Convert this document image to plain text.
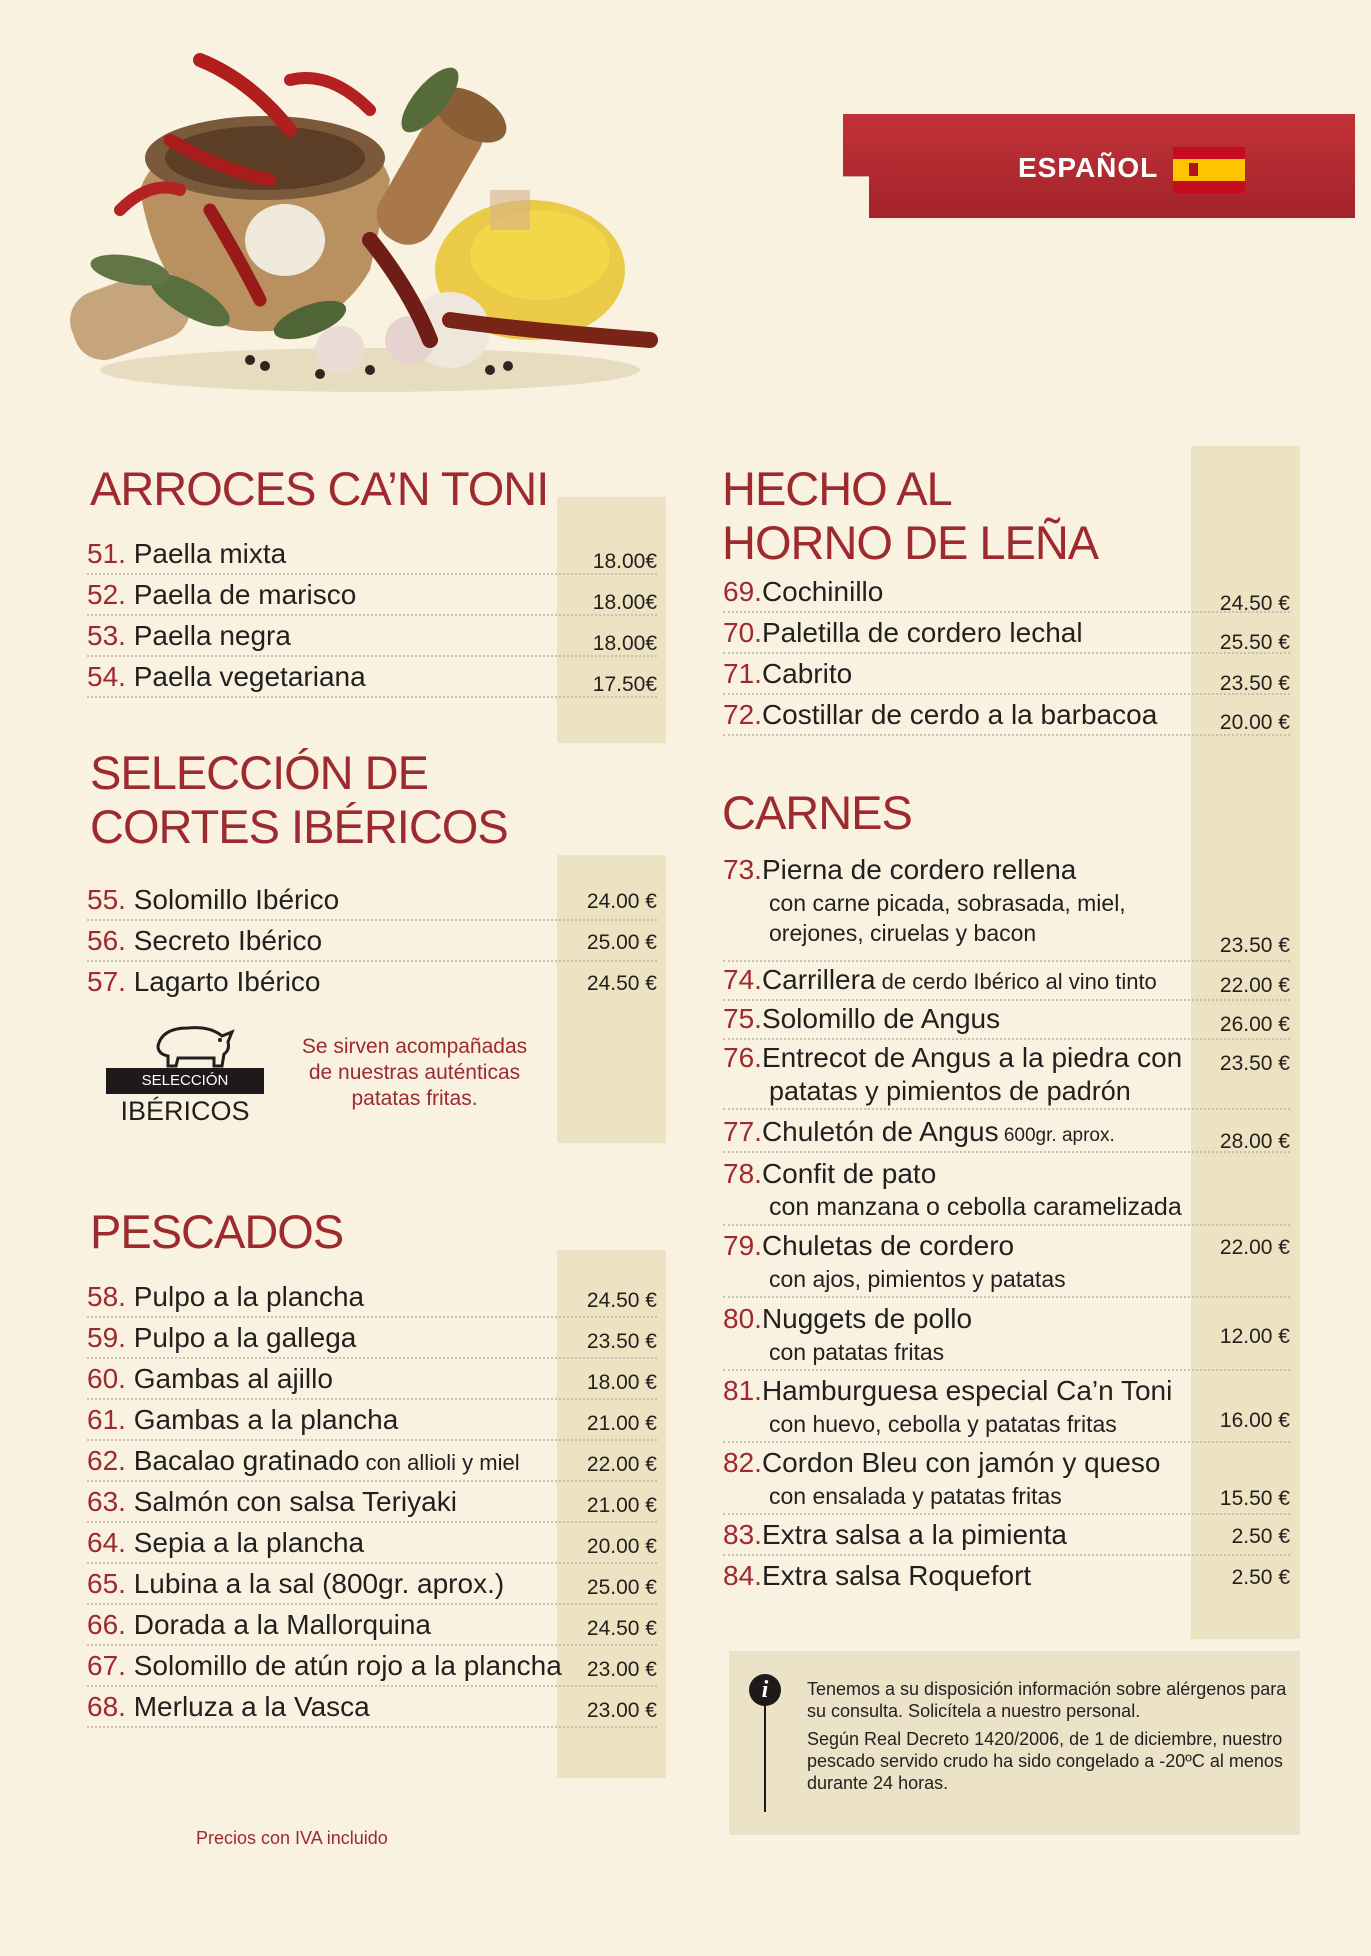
ESPAÑOL
ARROCES CA’N TONI
SELECCIÓN DE
CORTES IBÉRICOS
PESCADOS
HECHO AL
HORNO DE LEÑA
CARNES
51. Paella mixta	18.00€
52. Paella de marisco	18.00€
53. Paella negra	18.00€
54. Paella vegetariana	17.50€
55. Solomillo Ibérico	24.00 €
56. Secreto Ibérico	25.00 €
57. Lagarto Ibérico	24.50 €
SELECCIÓN
IBÉRICOS
Se sirven acompañadas de nuestras auténticas patatas fritas.
58. Pulpo a la plancha	24.50 €
59. Pulpo a la gallega	23.50 €
60. Gambas al ajillo	18.00 €
61. Gambas a la plancha	21.00 €
62. Bacalao gratinado con allioli y miel	22.00 €
63. Salmón con salsa Teriyaki	21.00 €
64. Sepia a la plancha	20.00 €
65. Lubina a la sal (800gr. aprox.)	25.00 €
66. Dorada a la Mallorquina	24.50 €
67. Solomillo de atún rojo a la plancha 23.00 €
68. Merluza a la Vasca	23.00 €
69.Cochinillo	24.50 €
70.Paletilla de cordero lechal	25.50 €
71.Cabrito	23.50 €
72.Costillar de cerdo a la barbacoa	20.00 €
73.Pierna de cordero rellena
con carne picada, sobrasada, miel,
orejones, ciruelas y bacon	23.50 €
74.Carrillera de cerdo Ibérico al vino tinto	22.00 €
75.Solomillo de Angus	26.00 €
76.Entrecot de Angus a la piedra con
patatas y pimientos de padrón
23.50 €
77.Chuletón de Angus 600gr. aprox.	28.00 €
78.Confit de pato
con manzana o cebolla caramelizada
79.Chuletas de cordero
con ajos, pimientos y patatas
22.00 €
80.Nuggets de pollo
con patatas fritas
12.00 €
81.Hamburguesa especial Ca’n Toni
con huevo, cebolla y patatas fritas	16.00 €
82.Cordon Bleu con jamón y queso
con ensalada y patatas fritas	15.50 €
83.Extra salsa a la pimienta	2.50 €
84.Extra salsa Roquefort	2.50 €
i	Tenemos a su disposición información sobre alérgenos para su consulta. Solicítela a nuestro personal.
Según Real Decreto 1420/2006, de 1 de diciembre, nuestro pescado servido crudo ha sido congelado a -20ºC al menos durante 24 horas.
Precios con IVA incluido
